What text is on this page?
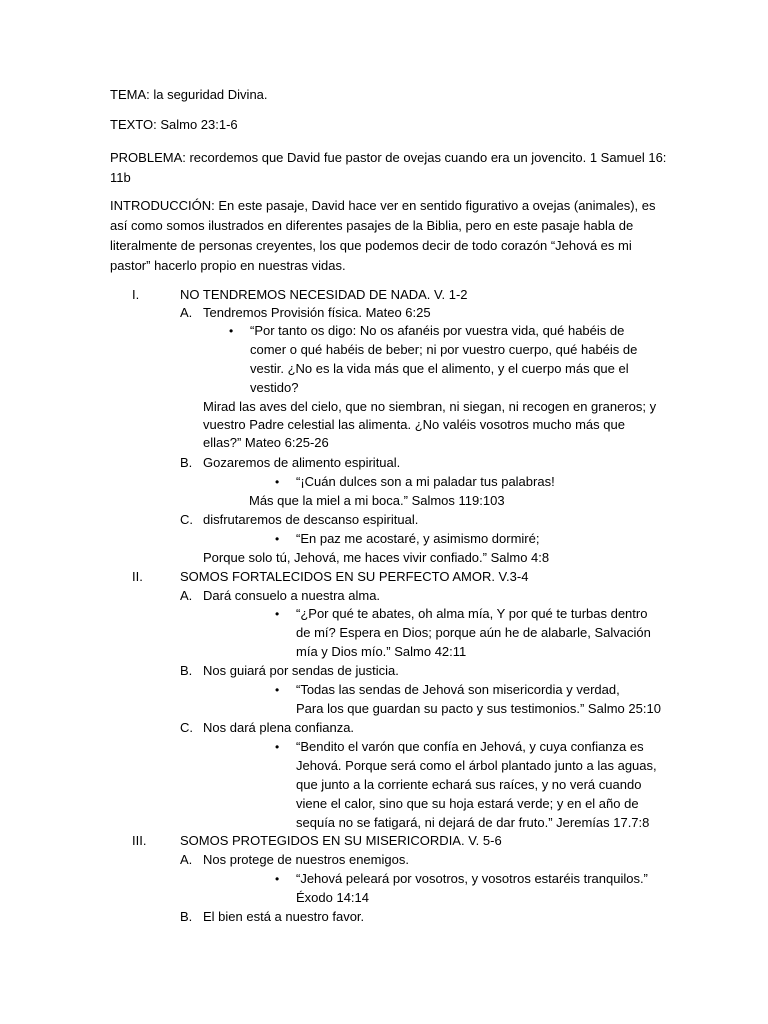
TEMA: la seguridad Divina.
TEXTO: Salmo 23:1-6
PROBLEMA: recordemos que David fue pastor de ovejas cuando era un jovencito. 1 Samuel 16: 11b
INTRODUCCIÓN: En este pasaje, David hace ver en sentido figurativo a ovejas (animales), es así como somos ilustrados en diferentes pasajes de la Biblia, pero en este pasaje habla de literalmente de personas creyentes, los que podemos decir de todo corazón “Jehová es mi pastor” hacerlo propio en nuestras vidas.
I.	NO TENDREMOS NECESIDAD DE NADA. V. 1-2
A. Tendremos Provisión física. Mateo 6:25
• “Por tanto os digo: No os afanéis por vuestra vida, qué habéis de
comer o qué habéis de beber; ni por vuestro cuerpo, qué habéis de
vestir. ¿No es la vida más que el alimento, y el cuerpo más que el
vestido?
Mirad las aves del cielo, que no siembran, ni siegan, ni recogen en graneros; y
vuestro Padre celestial las alimenta. ¿No valéis vosotros mucho más que
ellas?” Mateo 6:25-26
B. Gozaremos de alimento espiritual.
• “¡Cuán dulces son a mi paladar tus palabras!
Más que la miel a mi boca.” Salmos 119:103
C. disfrutaremos de descanso espiritual.
• “En paz me acostaré, y asimismo dormiré;
Porque solo tú, Jehová, me haces vivir confiado.” Salmo 4:8
II.	SOMOS FORTALECIDOS EN SU PERFECTO AMOR. V.3-4
A. Dará consuelo a nuestra alma.
• “¿Por qué te abates, oh alma mía, Y por qué te turbas dentro
de mí? Espera en Dios; porque aún he de alabarle, Salvación
mía y Dios mío.” Salmo 42:11
B. Nos guiará por sendas de justicia.
• “Todas las sendas de Jehová son misericordia y verdad,
Para los que guardan su pacto y sus testimonios.” Salmo 25:10
C. Nos dará plena confianza.
• “Bendito el varón que confía en Jehová, y cuya confianza es
Jehová. Porque será como el árbol plantado junto a las aguas,
que junto a la corriente echará sus raíces, y no verá cuando
viene el calor, sino que su hoja estará verde; y en el año de
sequía no se fatigará, ni dejará de dar fruto.” Jeremías 17.7:8
III.	SOMOS PROTEGIDOS EN SU MISERICORDIA. V. 5-6
A. Nos protege de nuestros enemigos.
• “Jehová peleará por vosotros, y vosotros estaréis tranquilos.”
Éxodo 14:14
B. El bien está a nuestro favor.
